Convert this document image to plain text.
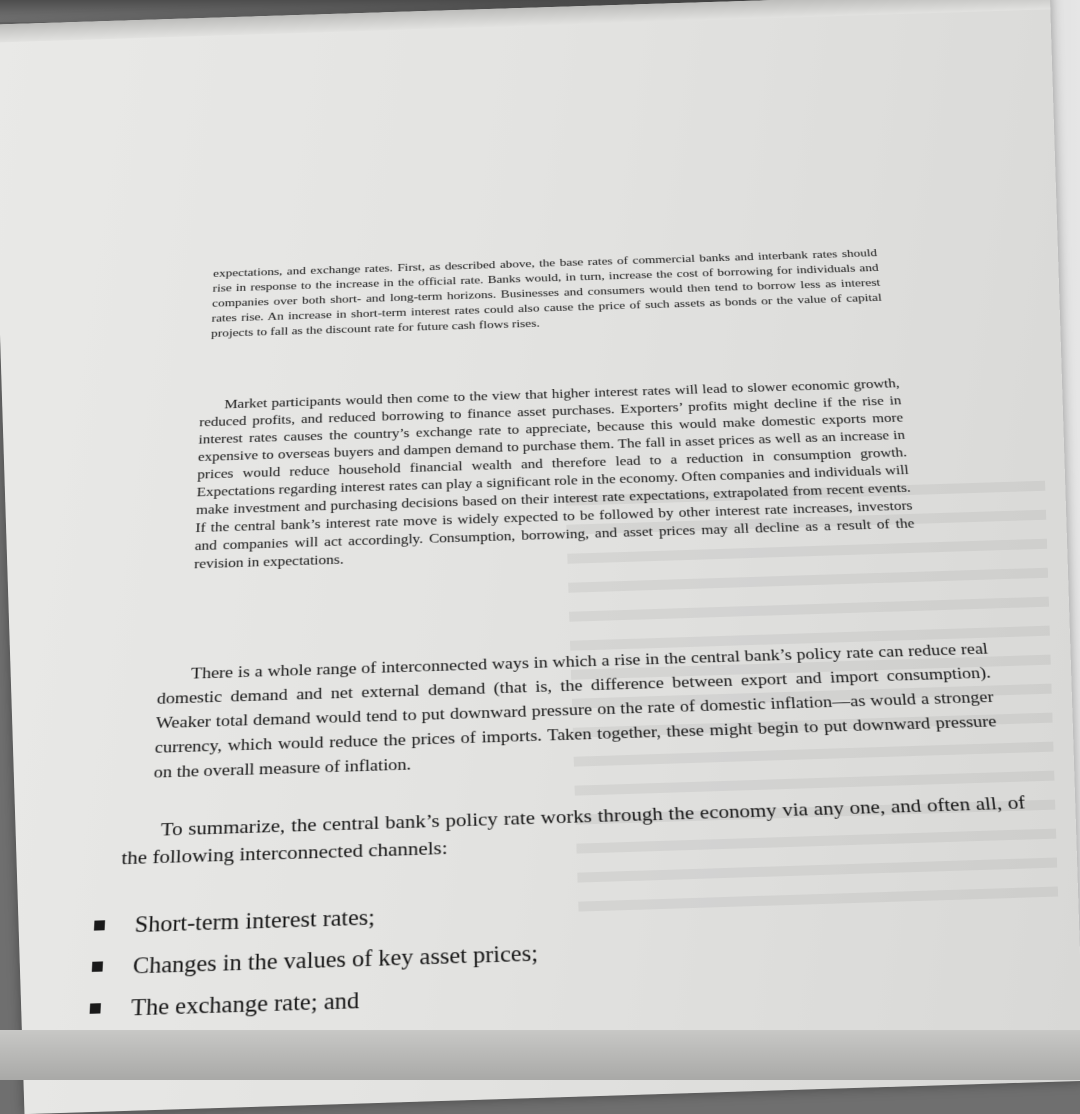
expectations, and exchange rates. First, as described above, the base rates of commercial banks and interbank rates should rise in response to the increase in the official rate. Banks would, in turn, increase the cost of borrowing for individuals and companies over both short- and long-term horizons. Businesses and consumers would then tend to borrow less as interest rates rise. An increase in short-term interest rates could also cause the price of such assets as bonds or the value of capital projects to fall as the discount rate for future cash flows rises.

Market participants would then come to the view that higher interest rates will lead to slower economic growth, reduced profits, and reduced borrowing to finance asset purchases. Exporters’ profits might decline if the rise in interest rates causes the country’s exchange rate to appreciate, because this would make domestic exports more expensive to overseas buyers and dampen demand to purchase them. The fall in asset prices as well as an increase in prices would reduce household financial wealth and therefore lead to a reduction in consumption growth. Expectations regarding interest rates can play a significant role in the economy. Often companies and individuals will make investment and purchasing decisions based on their interest rate expectations, extrapolated from recent events. If the central bank’s interest rate move is widely expected to be followed by other interest rate increases, investors and companies will act accordingly. Consumption, borrowing, and asset prices may all decline as a result of the revision in expectations.

There is a whole range of interconnected ways in which a rise in the central bank’s policy rate can reduce real domestic demand and net external demand (that is, the difference between export and import consumption). Weaker total demand would tend to put downward pressure on the rate of domestic inflation—as would a stronger currency, which would reduce the prices of imports. Taken together, these might begin to put downward pressure on the overall measure of inflation.

To summarize, the central bank’s policy rate works through the economy via any one, and often all, of the following interconnected channels:

Short-term interest rates;
Changes in the values of key asset prices;
The exchange rate; and
